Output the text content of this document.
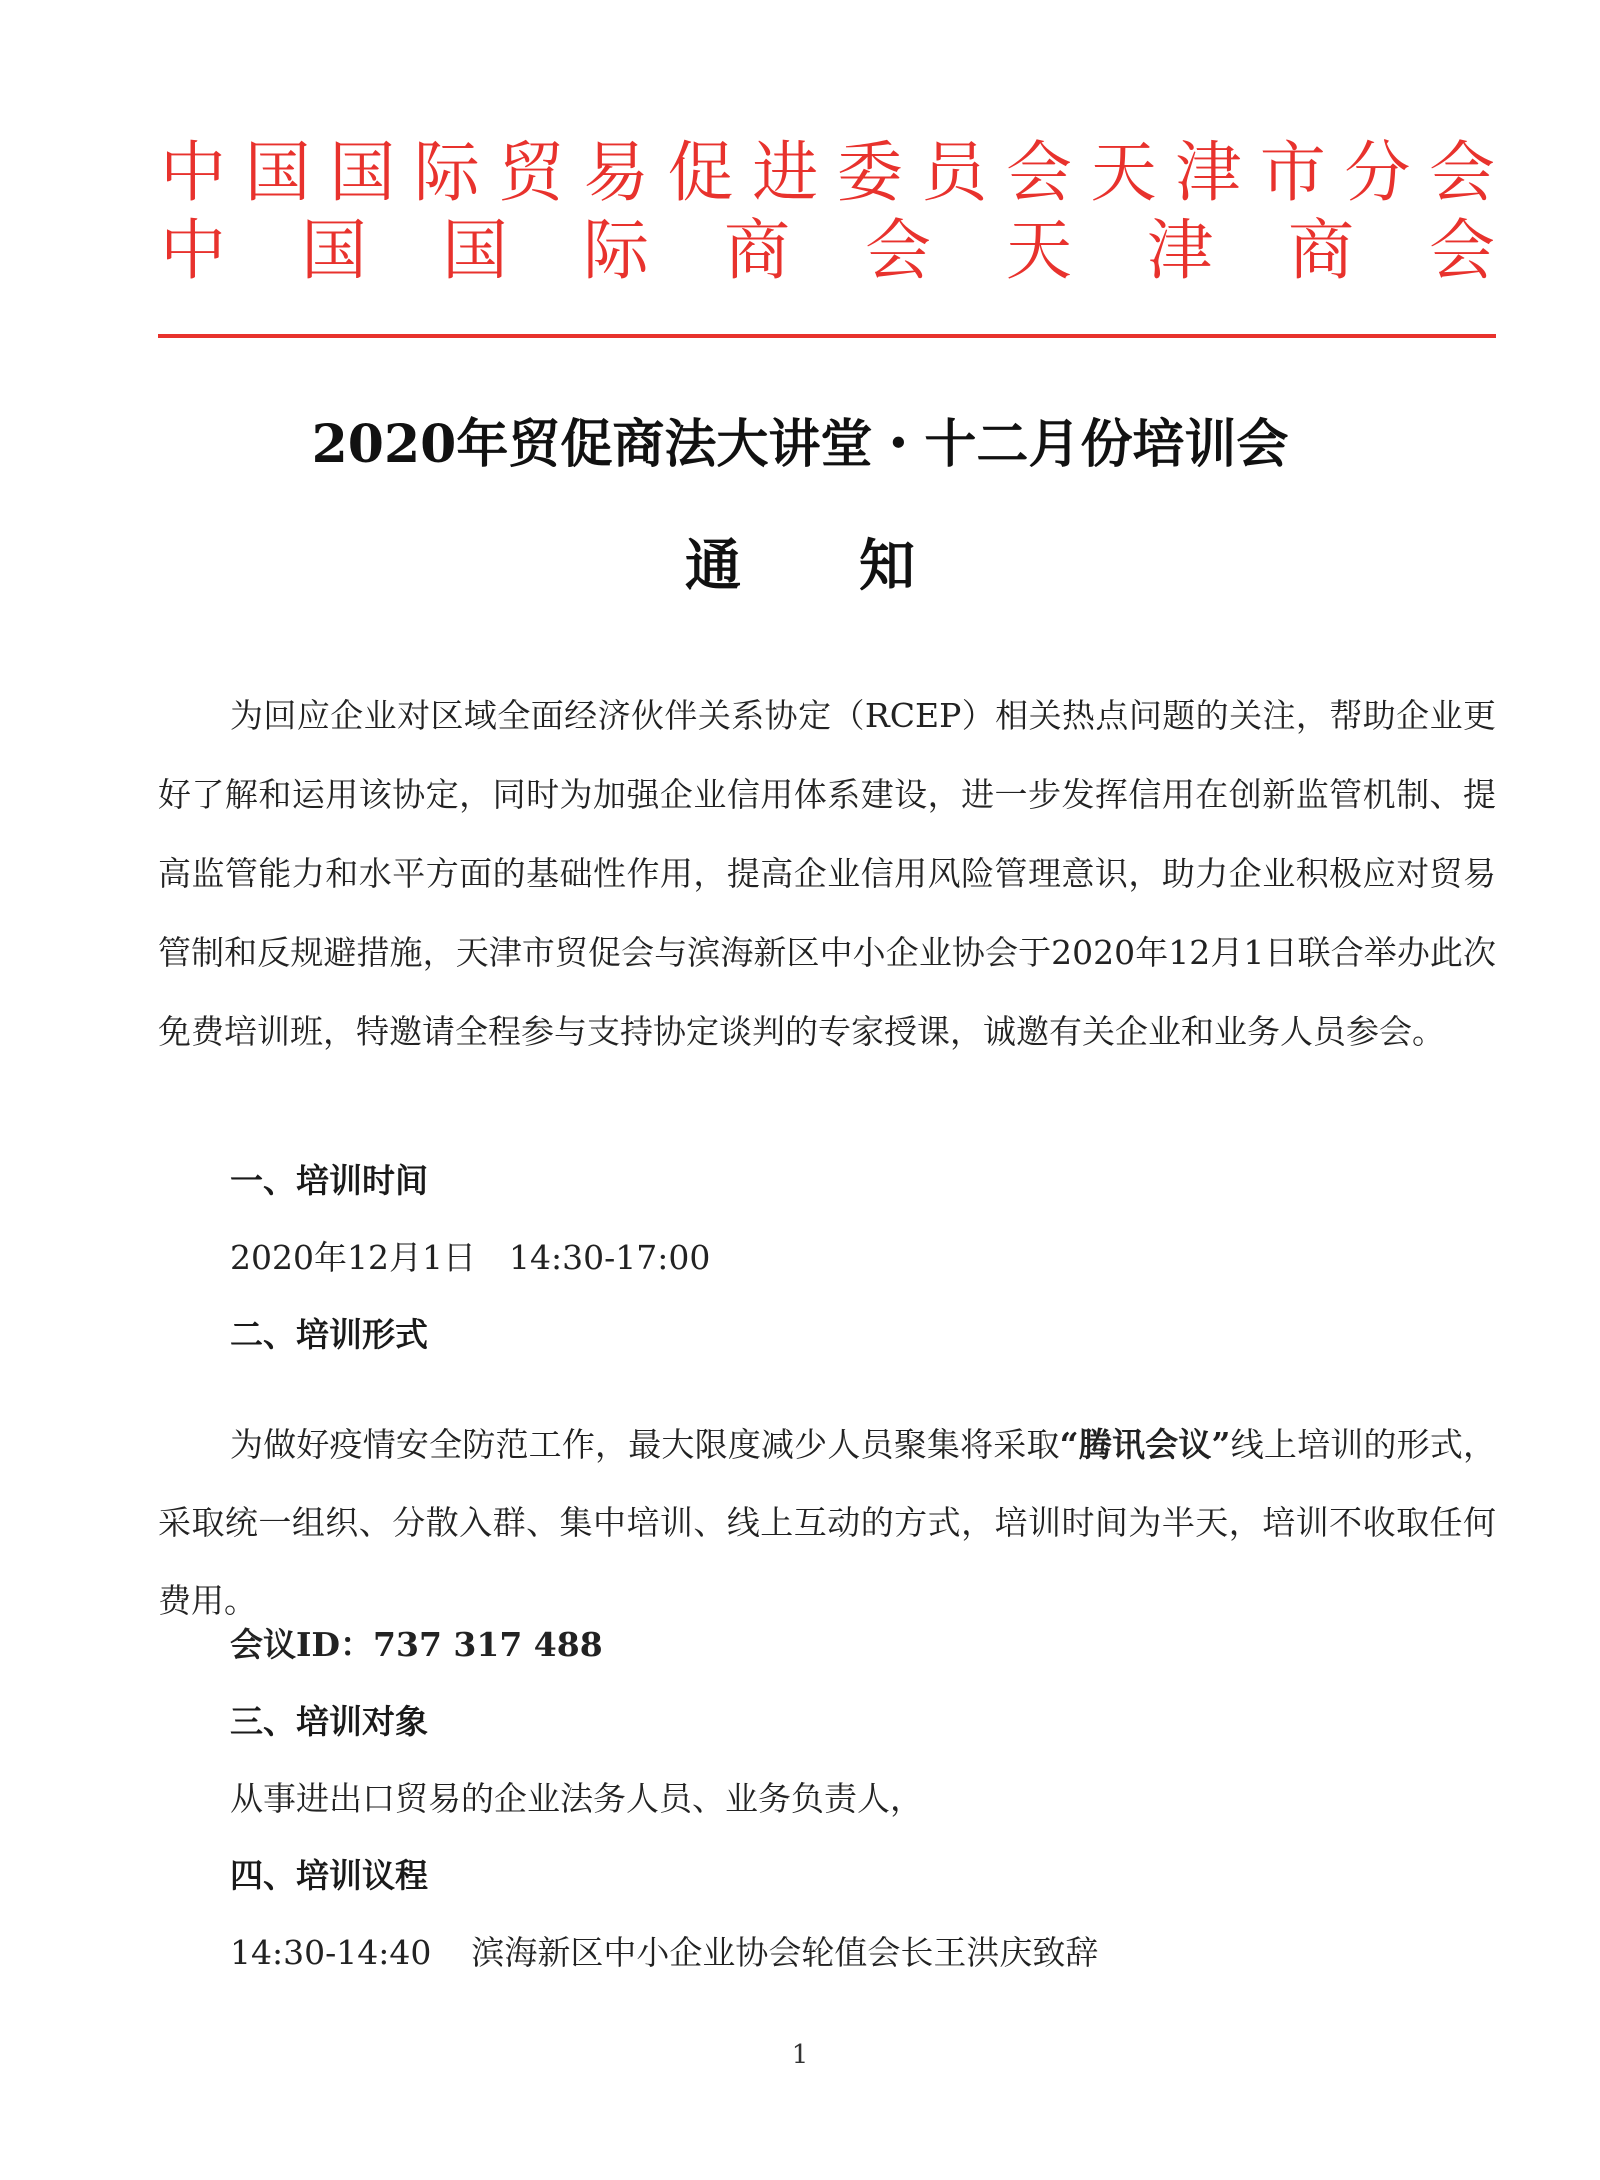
中国国际贸易促进委员会天津市分会
中国国际商会天津商会
2020年贸促商法大讲堂・十二月份培训会
通知
为回应企业对区域全面经济伙伴关系协定（RCEP）相关热点问题的关注，帮助企业更好了解和运用该协定，同时为加强企业信用体系建设，进一步发挥信用在创新监管机制、提高监管能力和水平方面的基础性作用，提高企业信用风险管理意识，助力企业积极应对贸易管制和反规避措施，天津市贸促会与滨海新区中小企业协会于2020年12月1日联合举办此次免费培训班，特邀请全程参与支持协定谈判的专家授课，诚邀有关企业和业务人员参会。
一、培训时间
2020年12月1日　14:30-17:00
二、培训形式
为做好疫情安全防范工作，最大限度减少人员聚集将采取“腾讯会议”线上培训的形式，采取统一组织、分散入群、集中培训、线上互动的方式，培训时间为半天，培训不收取任何费用。
会议ID：737 317 488
三、培训对象
从事进出口贸易的企业法务人员、业务负责人，
四、培训议程
14:30-14:40 滨海新区中小企业协会轮值会长王洪庆致辞
1
